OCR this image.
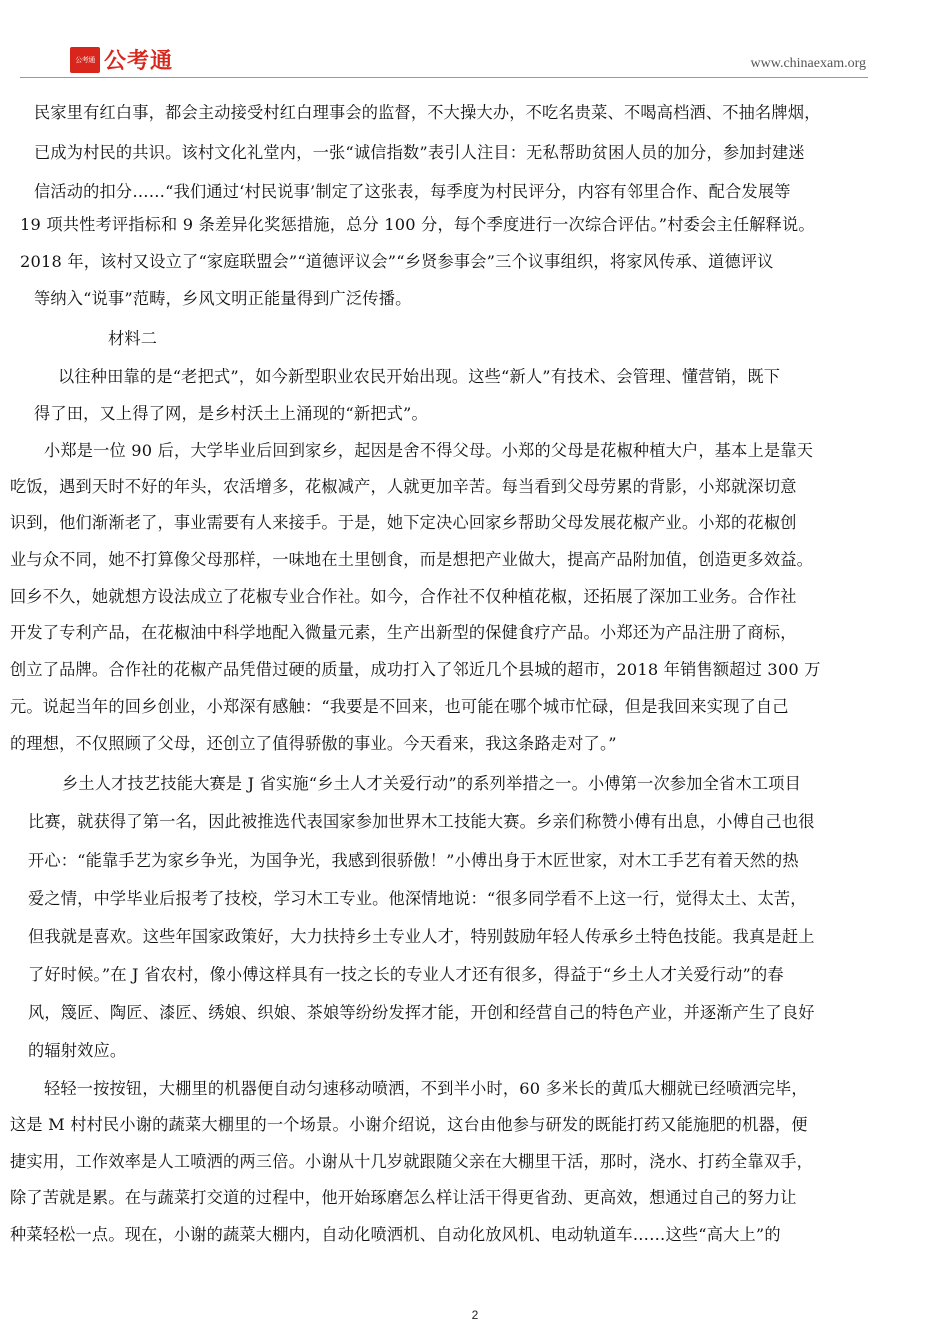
公考通 公考通	www.chinaexam.org
民家里有红白事，都会主动接受村红白理事会的监督，不大操大办，不吃名贵菜、不喝高档酒、不抽名牌烟，
已成为村民的共识。该村文化礼堂内，一张“诚信指数”表引人注目：无私帮助贫困人员的加分，参加封建迷
信活动的扣分……“我们通过‘村民说事’制定了这张表，每季度为村民评分，内容有邻里合作、配合发展等
19 项共性考评指标和 9 条差异化奖惩措施，总分 100 分，每个季度进行一次综合评估。”村委会主任解释说。
2018 年，该村又设立了“家庭联盟会”“道德评议会”“乡贤参事会”三个议事组织，将家风传承、道德评议
等纳入“说事”范畴，乡风文明正能量得到广泛传播。
材料二
以往种田靠的是“老把式”，如今新型职业农民开始出现。这些“新人”有技术、会管理、懂营销，既下
得了田，又上得了网，是乡村沃土上涌现的“新把式”。
小郑是一位 90 后，大学毕业后回到家乡，起因是舍不得父母。小郑的父母是花椒种植大户，基本上是靠天
吃饭，遇到天时不好的年头，农活增多，花椒减产，人就更加辛苦。每当看到父母劳累的背影，小郑就深切意
识到，他们渐渐老了，事业需要有人来接手。于是，她下定决心回家乡帮助父母发展花椒产业。小郑的花椒创
业与众不同，她不打算像父母那样，一味地在土里刨食，而是想把产业做大，提高产品附加值，创造更多效益。
回乡不久，她就想方设法成立了花椒专业合作社。如今，合作社不仅种植花椒，还拓展了深加工业务。合作社
开发了专利产品，在花椒油中科学地配入微量元素，生产出新型的保健食疗产品。小郑还为产品注册了商标，
创立了品牌。合作社的花椒产品凭借过硬的质量，成功打入了邻近几个县城的超市，2018 年销售额超过 300 万
元。说起当年的回乡创业，小郑深有感触：“我要是不回来，也可能在哪个城市忙碌，但是我回来实现了自己
的理想，不仅照顾了父母，还创立了值得骄傲的事业。今天看来，我这条路走对了。”
乡土人才技艺技能大赛是 J 省实施“乡土人才关爱行动”的系列举措之一。小傅第一次参加全省木工项目
比赛，就获得了第一名，因此被推选代表国家参加世界木工技能大赛。乡亲们称赞小傅有出息，小傅自己也很
开心：“能靠手艺为家乡争光，为国争光，我感到很骄傲！”小傅出身于木匠世家，对木工手艺有着天然的热
爱之情，中学毕业后报考了技校，学习木工专业。他深情地说：“很多同学看不上这一行，觉得太土、太苦，
但我就是喜欢。这些年国家政策好，大力扶持乡土专业人才，特别鼓励年轻人传承乡土特色技能。我真是赶上
了好时候。”在 J 省农村，像小傅这样具有一技之长的专业人才还有很多，得益于“乡土人才关爱行动”的春
风，篾匠、陶匠、漆匠、绣娘、织娘、茶娘等纷纷发挥才能，开创和经营自己的特色产业，并逐渐产生了良好
的辐射效应。
轻轻一按按钮，大棚里的机器便自动匀速移动喷洒，不到半小时，60 多米长的黄瓜大棚就已经喷洒完毕，
这是 M 村村民小谢的蔬菜大棚里的一个场景。小谢介绍说，这台由他参与研发的既能打药又能施肥的机器，便
捷实用，工作效率是人工喷洒的两三倍。小谢从十几岁就跟随父亲在大棚里干活，那时，浇水、打药全靠双手，
除了苦就是累。在与蔬菜打交道的过程中，他开始琢磨怎么样让活干得更省劲、更高效，想通过自己的努力让
种菜轻松一点。现在，小谢的蔬菜大棚内，自动化喷洒机、自动化放风机、电动轨道车……这些“高大上”的
2
